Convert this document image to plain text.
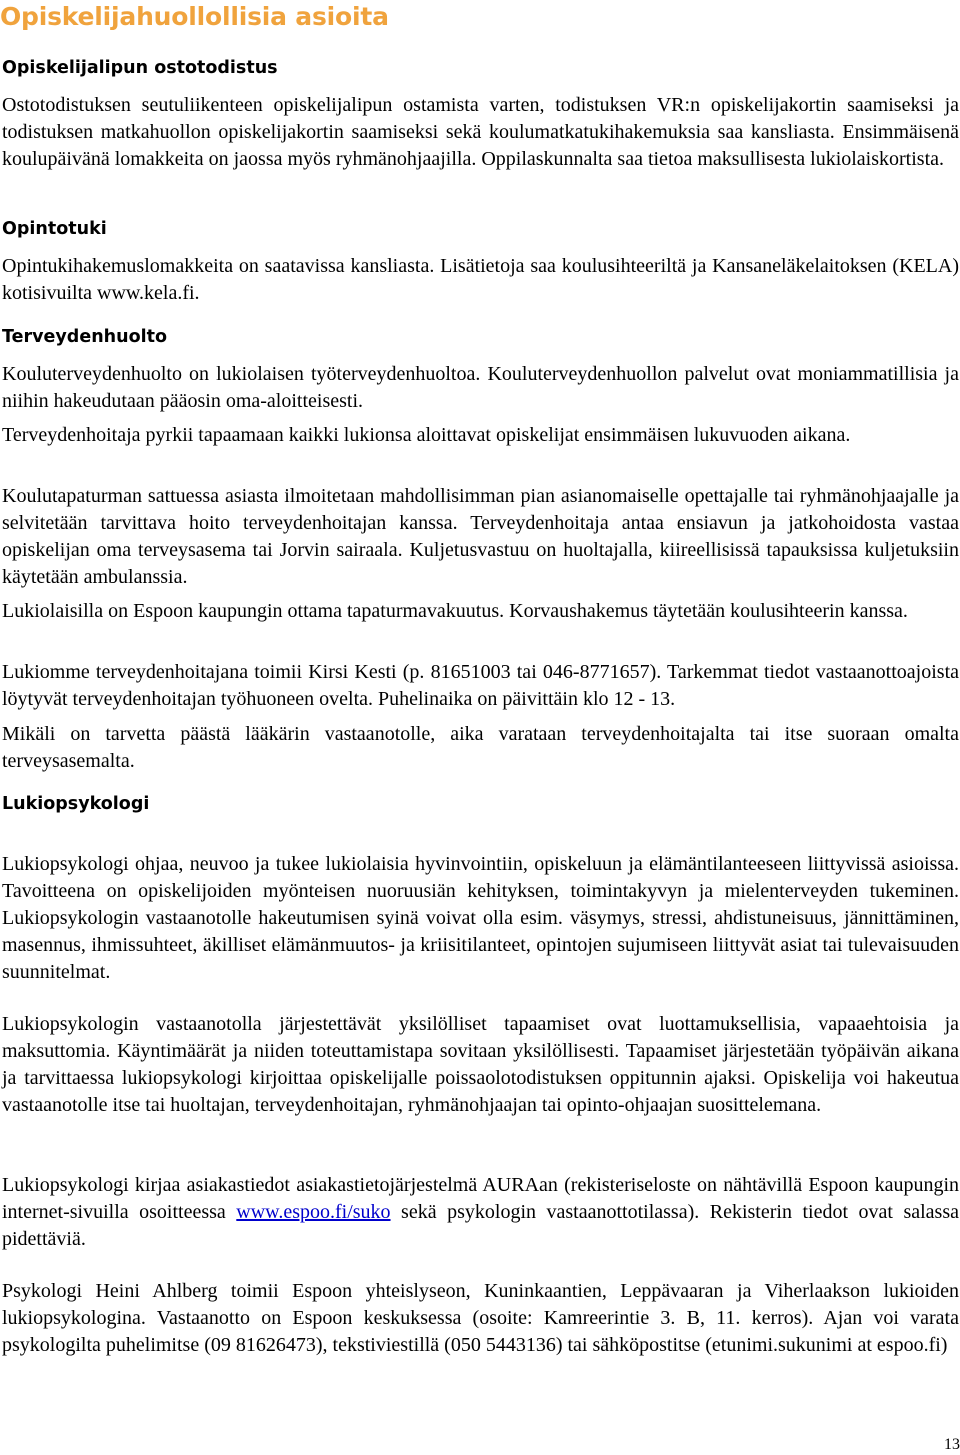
Opiskelijahuollollisia asioita
Opiskelijalipun ostotodistus

Ostotodistuksen seutuliikenteen opiskelijalipun ostamista varten, todistuksen VR:n opiskelijakortin saamiseksi ja todistuksen matkahuollon opiskelijakortin saamiseksi sekä koulumatkatukihakemuksia saa kansliasta. Ensimmäisenä koulupäivänä lomakkeita on jaossa myös ryhmänohjaajilla. Oppilaskunnalta saa tietoa maksullisesta lukiolaiskortista.

Opintotuki

Opintukihakemuslomakkeita on saatavissa kansliasta. Lisätietoja saa koulusihteeriltä ja Kansaneläkelaitoksen (KELA) kotisivuilta www.kela.fi.

Terveydenhuolto

Kouluterveydenhuolto on lukiolaisen työterveydenhuoltoa. Kouluterveydenhuollon palvelut ovat moniammatillisia ja niihin hakeudutaan pääosin oma-aloitteisesti.

Terveydenhoitaja pyrkii tapaamaan kaikki lukionsa aloittavat opiskelijat ensimmäisen lukuvuoden aikana.

Koulutapaturman sattuessa asiasta ilmoitetaan mahdollisimman pian asianomaiselle opettajalle tai ryhmänohjaajalle ja selvitetään tarvittava hoito terveydenhoitajan kanssa. Terveydenhoitaja antaa ensiavun ja jatkohoidosta vastaa opiskelijan oma terveysasema tai Jorvin sairaala. Kuljetusvastuu on huoltajalla, kiireellisissä tapauksissa kuljetuksiin käytetään ambulanssia.

Lukiolaisilla on Espoon kaupungin ottama tapaturmavakuutus. Korvaushakemus täytetään koulusihteerin kanssa.

Lukiomme terveydenhoitajana toimii Kirsi Kesti (p. 81651003 tai 046-8771657). Tarkemmat tiedot vastaanottoajoista löytyvät terveydenhoitajan työhuoneen ovelta. Puhelinaika on päivittäin klo 12 - 13.

Mikäli on tarvetta päästä lääkärin vastaanotolle, aika varataan terveydenhoitajalta tai itse suoraan omalta terveysasemalta.

Lukiopsykologi

Lukiopsykologi ohjaa, neuvoo ja tukee lukiolaisia hyvinvointiin, opiskeluun ja elämäntilanteeseen liittyvissä asioissa. Tavoitteena on opiskelijoiden myönteisen nuoruusiän kehityksen, toimintakyvyn ja mielenterveyden tukeminen. Lukiopsykologin vastaanotolle hakeutumisen syinä voivat olla esim. väsymys, stressi, ahdistuneisuus, jännittäminen, masennus, ihmissuhteet, äkilliset elämänmuutos- ja kriisitilanteet, opintojen sujumiseen liittyvät asiat tai tulevaisuuden suunnitelmat.

Lukiopsykologin vastaanotolla järjestettävät yksilölliset tapaamiset ovat luottamuksellisia, vapaaehtoisia ja maksuttomia. Käyntimäärät ja niiden toteuttamistapa sovitaan yksilöllisesti. Tapaamiset järjestetään työpäivän aikana ja tarvittaessa lukiopsykologi kirjoittaa opiskelijalle poissaolotodistuksen oppitunnin ajaksi. Opiskelija voi hakeutua vastaanotolle itse tai huoltajan, terveydenhoitajan, ryhmänohjaajan tai opinto-ohjaajan suosittelemana.

Lukiopsykologi kirjaa asiakastiedot asiakastietojärjestelmä AURAan (rekisteriseloste on nähtävillä Espoon kaupungin internet-sivuilla osoitteessa www.espoo.fi/suko sekä psykologin vastaanottotilassa). Rekisterin tiedot ovat salassa pidettäviä.

Psykologi Heini Ahlberg toimii Espoon yhteislyseon, Kuninkaantien, Leppävaaran ja Viherlaakson lukioiden lukiopsykologina. Vastaanotto on Espoon keskuksessa (osoite: Kamreerintie 3. B, 11. kerros). Ajan voi varata psykologilta puhelimitse (09 81626473), tekstiviestillä (050 5443136) tai sähköpostitse (etunimi.sukunimi at espoo.fi)

13
